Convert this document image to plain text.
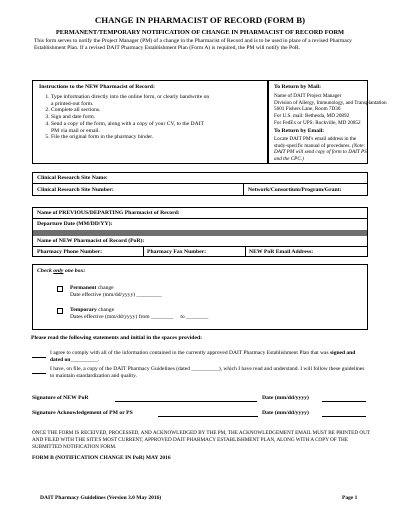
CHANGE IN PHARMACIST OF RECORD (FORM B)
PERMANENT/TEMPORARY NOTIFICATION OF CHANGE IN PHARMACIST OF RECORD FORM
This form serves to notify the Project Manager (PM) of a change in the Pharmacist of Record and is to be used in place of a revised Pharmacy Establishment Plan. If a revised DAIT Pharmacy Establishment Plan (Form A) is required, the PM will notify the PoR.
Instructions to the NEW Pharmacist of Record:
1. Type information directly into the online form, or clearly handwrite on a printed-out form.
2. Complete all sections.
3. Sign and date form.
4. Send a copy of the form, along with a copy of your CV, to the DAIT PM via mail or email.
5. File the original form in the pharmacy binder.
To Return by Mail:
Name of DAIT Project Manager
Division of Allergy, Immunology, and Transplantation
5601 Fishers Lane, Room 7D30
For U.S. mail: Bethesda, MD 20892
For FedEx or UPS: Rockville, MD 20852
To Return by Email:
Locate DAIT PM's email address in the study-specific manual of procedures. (Note: DAIT PM will send copy of form to DAIT PS and the CPC.)
Clinical Research Site Name:
Clinical Research Site Number:	Network/Consortium/Program/Grant:
Name of PREVIOUS/DEPARTING Pharmacist of Record:
Departure Date (MM/DD/YY):
Name of NEW Pharmacist of Record (PoR):
Pharmacy Phone Number:	Pharmacy Fax Number:	NEW PoR Email Address:
Check only one box:
Permanent change
Date effective (mm/dd/yyyy) _________
Temporary change
Dates effective (mm/dd/yyyy) from ________     to ________
Please read the following statements and initial in the spaces provided:
I agree to comply with all of the information contained in the currently approved DAIT Pharmacy Establishment Plan that was signed and dated on__________.
I have, on file, a copy of the DAIT Pharmacy Guidelines (dated __________), which I have read and understand. I will follow these guidelines to maintain standardization and quality.
Signature of NEW PoR	Date (mm/dd/yyyy)
Signature Acknowledgement of PM or PS	Date (mm/dd/yyyy)
ONCE THE FORM IS RECEIVED, PROCESSED, AND ACKNOWLEDGED BY THE PM, THE ACKNOWLEDGEMENT EMAIL MUST BE PRINTED OUT AND FILED WITH THE SITE'S MOST CURRENT, APPROVED DAIT PHARMACY ESTABLISHMENT PLAN, ALONG WITH A COPY OF THE SUBMITTED NOTIFICATION FORM.
FORM B (NOTIFICATION CHANGE IN PoR) MAY 2016
DAIT Pharmacy Guidelines (Version 3.0 May 2016)	Page 1
